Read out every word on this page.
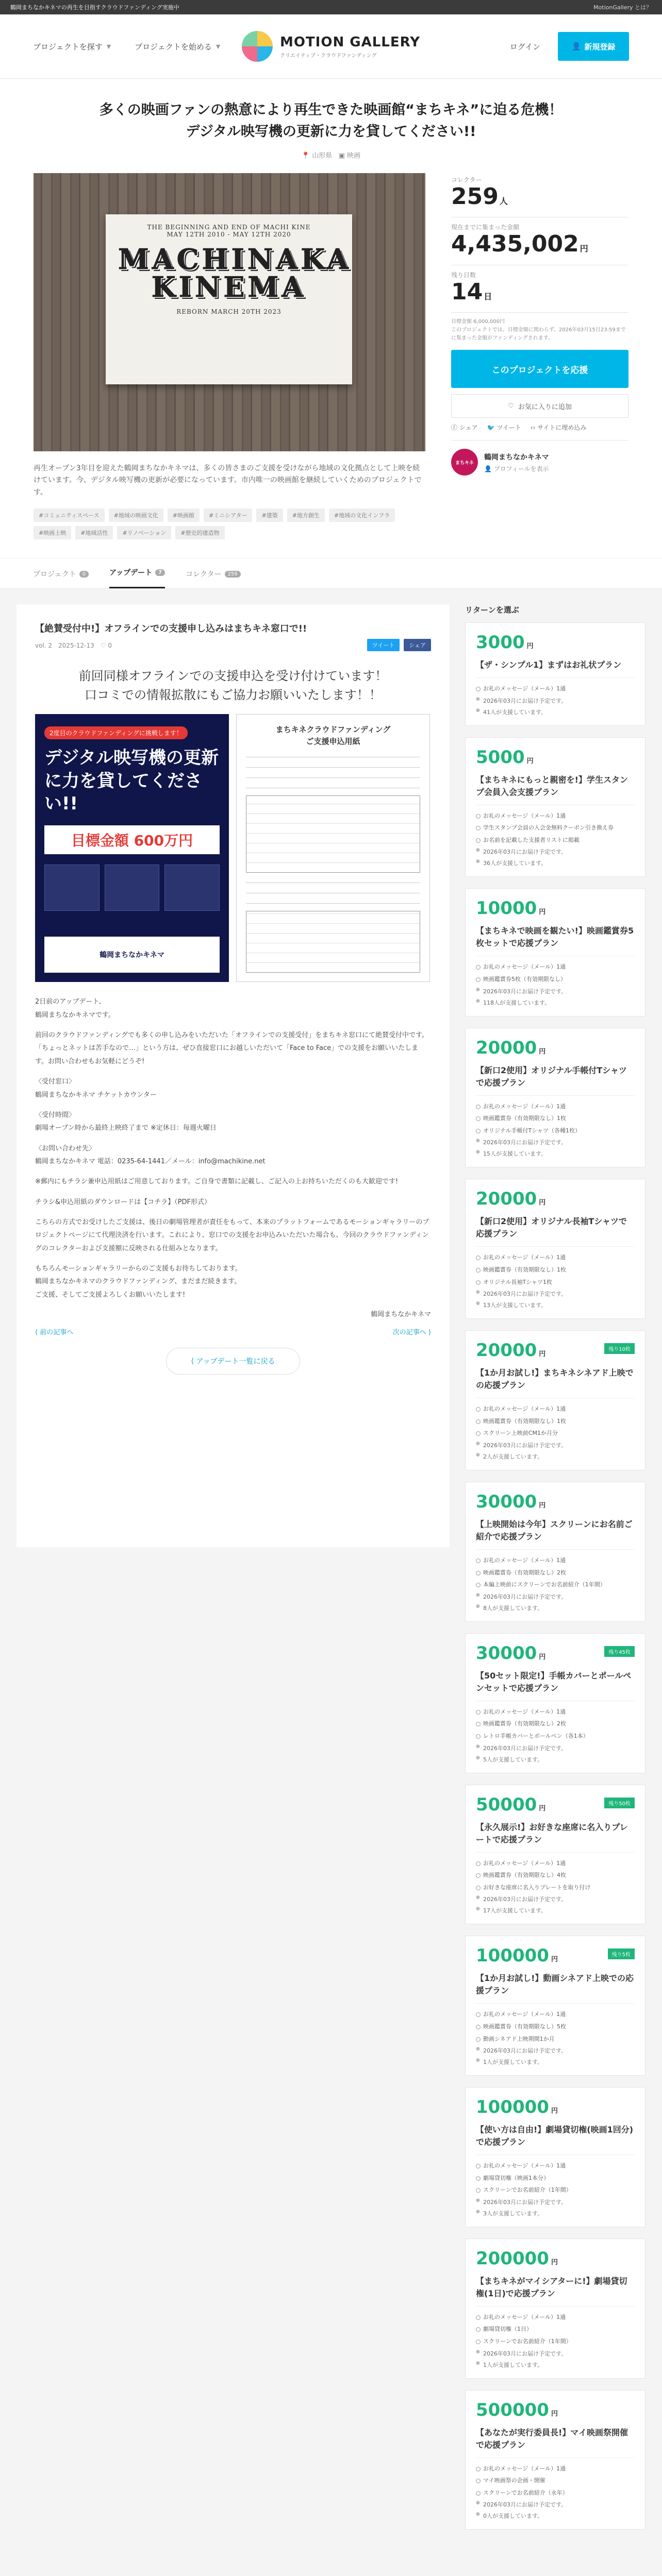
鶴岡まちなかキネマの再生を目指すクラウドファンディング実施中	MotionGallery とは？
プロジェクトを探す ▼	プロジェクトを始める ▼	MOTION GALLERY
クリエイティブ・クラウドファンディング
ログイン	👤 新規登録
多くの映画ファンの熱意により再生できた映画館“まちキネ”に迫る危機！
デジタル映写機の更新に力を貸してください!!
📍 山形県 ▣ 映画
THE BEGINNING AND END OF MACHI KINE
MAY 12TH 2010 - MAY 12TH 2020
MACHINAKA KINEMA
REBORN MARCH 20TH 2023

再生オープン3年目を迎えた鶴岡まちなかキネマは、多くの皆さまのご支援を受けながら地域の文化拠点として上映を続けています。今、デジタル映写機の更新が必要になっています。市内唯一の映画館を継続していくためのプロジェクトです。

#コミュニティスペース	#地域の映画文化	#映画館	#ミニシアター	#建築	#地方創生	#地域の文化インフラ
#映画上映	#地域活性	#リノベーション	#歴史的建造物
コレクター
259 人
現在までに集まった金額
4,435,002 円
残り日数
14 日
目標金額 6,000,000円
このプロジェクトでは、目標金額に関わらず、2026年03月15日23:59までに集まった金額がファンディングされます。
このプロジェクトを応援
♡ お気に入りに追加
ⓕ シェア 🐦 ツイート ‹› サイトに埋め込み
まちキネ
鶴岡まちなかキネマ
👤 プロフィールを表示
プロジェクト	0	アップデート	7	コレクター	259
【絶賛受付中!】オフラインでの支援申し込みはまちキネ窓口で!!
vol. 2　2025-12-13　♡ 0	ツイート	シェア
前回同様オフラインでの支援申込を受け付けています！
口コミでの情報拡散にもご協力お願いいたします！！
2度目のクラウドファンディングに挑戦します！
デジタル映写機の更新に力を貸してください!!
目標金額 600万円
鶴岡まちなかキネマ
まちキネクラウドファンディング
ご支援申込用紙

2日前のアップデート、
鶴岡まちなかキネマです。

前回のクラウドファンディングでも多くの申し込みをいただいた「オフラインでの支援受付」をまちキネ窓口にて絶賛受付中です。「ちょっとネットは苦手なので…」という方は、ぜひ直接窓口にお越しいただいて「Face to Face」での支援をお願いいたします。お問い合わせもお気軽にどうぞ!

〈受付窓口〉
鶴岡まちなかキネマ チケットカウンター

〈受付時間〉
劇場オープン時から最終上映終了まで ※定休日：毎週火曜日

〈お問い合わせ先〉
鶴岡まちなかキネマ 電話：0235-64-1441／メール：info@machikine.net

※郵内にもチラシ兼申込用紙はご用意しております。ご自身で書類に記載し、ご記入の上お持ちいただくのも大歓迎です!

チラシ&申込用紙のダウンロードは【コチラ】（PDF形式）

こちらの方式でお受けしたご支援は、後日の劇場管理者が責任をもって、本来のプラットフォームであるモーションギャラリーのプロジェクトページにて代理決済を行います。これにより、窓口での支援をお申込みいただいた場合も、今回のクラウドファンディングのコレクターおよび支援額に反映される仕組みとなります。

もちろんモーションギャラリーからのご支援もお待ちしております。
鶴岡まちなかキネマのクラウドファンディング、まだまだ続きます。
ご支援、そしてご支援よろしくお願いいたします!

鶴岡まちなかキネマ
⟨ 前の記事へ	次の記事へ ⟩
⟨ アップデート一覧に戻る
リターンを選ぶ
3000 円
【ザ・シンプル1】まずはお礼状プラン
お礼のメッセージ（メール）1通
● 2026年03月にお届け予定です。
● 41人が支援しています。
5000 円
【まちキネにもっと親密を!】学生スタンプ会員入会支援プラン
お礼のメッセージ（メール）1通
学生スタンプ会員の入会金無料クーポン引き換え券
お名前を記載した支援者リストに掲載
● 2026年03月にお届け予定です。
● 36人が支援しています。
10000 円
【まちキネで映画を観たい!】映画鑑賞券5枚セットで応援プラン
お礼のメッセージ（メール）1通
映画鑑賞券5枚（有効期限なし）
● 2026年03月にお届け予定です。
● 118人が支援しています。
20000 円
【新口2使用】オリジナル手帳付Tシャツで応援プラン
お礼のメッセージ（メール）1通
映画鑑賞券（有効期限なし）1枚
オリジナル手帳付Tシャツ（各種1枚）
● 2026年03月にお届け予定です。
● 15人が支援しています。
20000 円
【新口2使用】オリジナル長袖Tシャツで応援プラン
お礼のメッセージ（メール）1通
映画鑑賞券（有効期限なし）1枚
オリジナル長袖Tシャツ1枚
● 2026年03月にお届け予定です。
● 13人が支援しています。
20000 円
残り10枚
【1か月お試し!】まちキネシネアド上映での応援プラン
お礼のメッセージ（メール）1通
映画鑑賞券（有効期限なし）1枚
スクリーン上映前CM1か月分
● 2026年03月にお届け予定です。
● 2人が支援しています。
30000 円
【上映開始は今年】スクリーンにお名前ご紹介で応援プラン
お礼のメッセージ（メール）1通
映画鑑賞券（有効期限なし）2枚
本編上映前にスクリーンでお名前紹介（1年間）
● 2026年03月にお届け予定です。
● 8人が支援しています。
30000 円
残り45枚
【50セット限定!】手帳カバーとポールペンセットで応援プラン
お礼のメッセージ（メール）1通
映画鑑賞券（有効期限なし）2枚
レトロ手帳カバーとボールペン（各1本）
● 2026年03月にお届け予定です。
● 5人が支援しています。
50000 円
残り50枚
【永久展示!】お好きな座席に名入りプレートで応援プラン
お礼のメッセージ（メール）1通
映画鑑賞券（有効期限なし）4枚
お好きな座席に名入りプレートを取り付け
● 2026年03月にお届け予定です。
● 17人が支援しています。
100000 円
残り5枚
【1か月お試し!】動画シネアド上映での応援プラン
お礼のメッセージ（メール）1通
映画鑑賞券（有効期限なし）5枚
動画シネアド上映期間1か月
● 2026年03月にお届け予定です。
● 1人が支援しています。
100000 円
【使い方は自由!】劇場貸切権(映画1回分)で応援プラン
お礼のメッセージ（メール）1通
劇場貸切権（映画1本分）
スクリーンでお名前紹介（1年間）
● 2026年03月にお届け予定です。
● 3人が支援しています。
200000 円
【まちキネがマイシアターに!】劇場貸切権(1日)で応援プラン
お礼のメッセージ（メール）1通
劇場貸切権（1日）
スクリーンでお名前紹介（1年間）
● 2026年03月にお届け予定です。
● 1人が支援しています。
500000 円
【あなたが実行委員長!】マイ映画祭開催で応援プラン
お礼のメッセージ（メール）1通
マイ映画祭の企画・開催
スクリーンでお名前紹介（永年）
● 2026年03月にお届け予定です。
● 0人が支援しています。
